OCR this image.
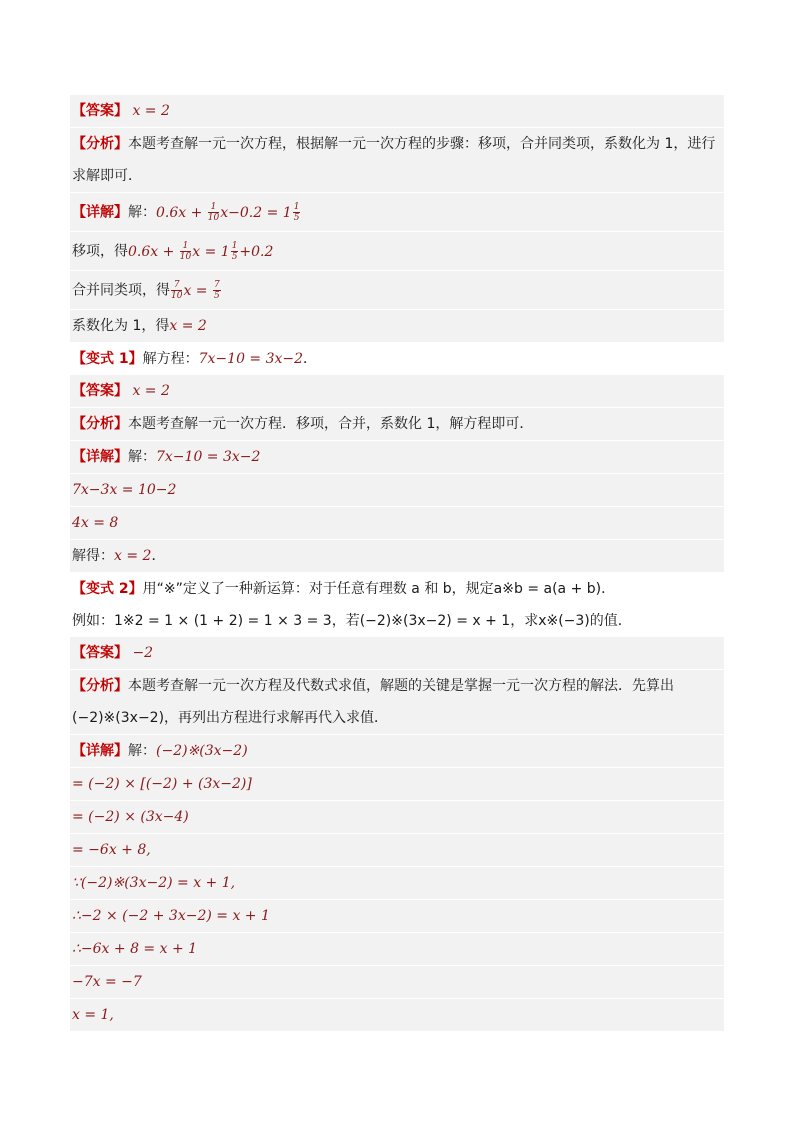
【答案】 x = 2
【分析】本题考查解一元一次方程，根据解一元一次方程的步骤：移项，合并同类项，系数化为 1，进行求解即可．
【详解】解：$0.6x + \frac{1}{10} x-0.2 = 1 \frac{1}{5}$
移项，得$0.6x + \frac{1}{10}$ $x = 1 \frac{1}{5} +0.2$
合并同类项，得 $\frac{7}{10}$ $x = \frac{7}{5}$
系数化为 1，得x = 2
【变式 1】解方程：7x−10 = 3x−2．
【答案】 x = 2
【分析】本题考查解一元一次方程．移项，合并，系数化 1，解方程即可．
【详解】解：7x−10 = 3x−2
7x−3x = 10−2
4x = 8
解得：x = 2．
【变式 2】用“※”定义了一种新运算：对于任意有理数 a 和 b，规定a※b = a(a + b)．
例如：1※2 = 1 × (1 + 2) = 1 × 3 = 3，若(−2)※(3x−2) = x + 1，求x※(−3)的值．
【答案】 −2
【分析】本题考查解一元一次方程及代数式求值，解题的关键是掌握一元一次方程的解法．先算出(−2)※(3x−2)，再列出方程进行求解再代入求值．
【详解】解：(−2)※(3x−2)
= (−2) × [(−2) + (3x−2)]
= (−2) × (3x−4)
= −6x + 8,
∵(−2)※(3x−2) = x + 1,
∴−2 × (−2 + 3x−2) = x + 1
∴−6x + 8 = x + 1
−7x = −7
x = 1,
